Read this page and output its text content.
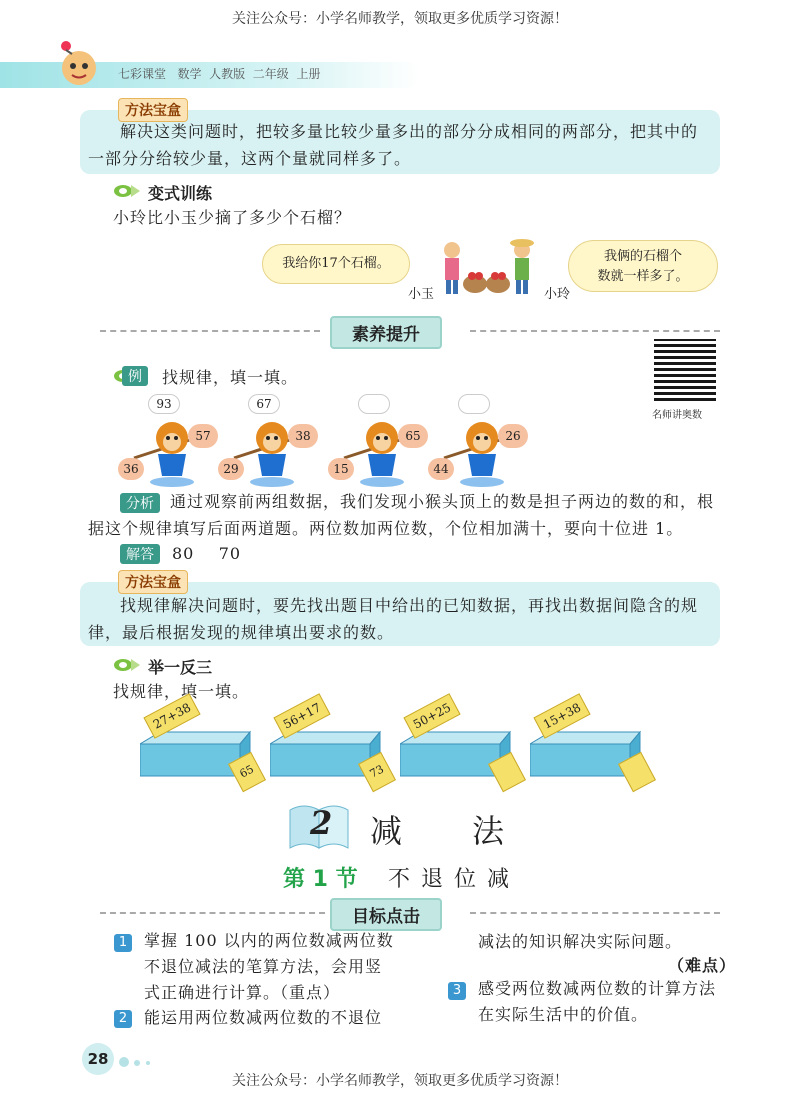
关注公众号：小学名师教学，领取更多优质学习资源！
七彩课堂 数学 人教版 二年级 上册
方法宝盒
解决这类问题时，把较多量比较少量多出的部分分成相同的两部分，把其中的
一部分分给较少量，这两个量就同样多了。
变式训练
小玲比小玉少摘了多少个石榴？
我给你17个石榴。	我俩的石榴个
数就一样多了。
小玉	小玲
素养提升
名师讲奥数
例	找规律，填一填。
93
57
36
67
38
29
65
15
26
44
分析	通过观察前两组数据，我们发现小猴头顶上的数是担子两边的数的和，根
据这个规律填写后面两道题。两位数加两位数，个位相加满十，要向十位进 1。
解答	80 70
方法宝盒
找规律解决问题时，要先找出题目中给出的已知数据，再找出数据间隐含的规
律，最后根据发现的规律填出要求的数。
举一反三
找规律，填一填。
27+38
65
56+17
73
50+25	15+38
2 减　　法
第 1 节 不 退 位 减
目标点击
1	掌握 100 以内的两位数减两位数
不退位减法的笔算方法，会用竖
式正确进行计算。（重点）
2	能运用两位数减两位数的不退位
减法的知识解决实际问题。
（难点）
3	感受两位数减两位数的计算方法
在实际生活中的价值。
28
关注公众号：小学名师教学，领取更多优质学习资源！
